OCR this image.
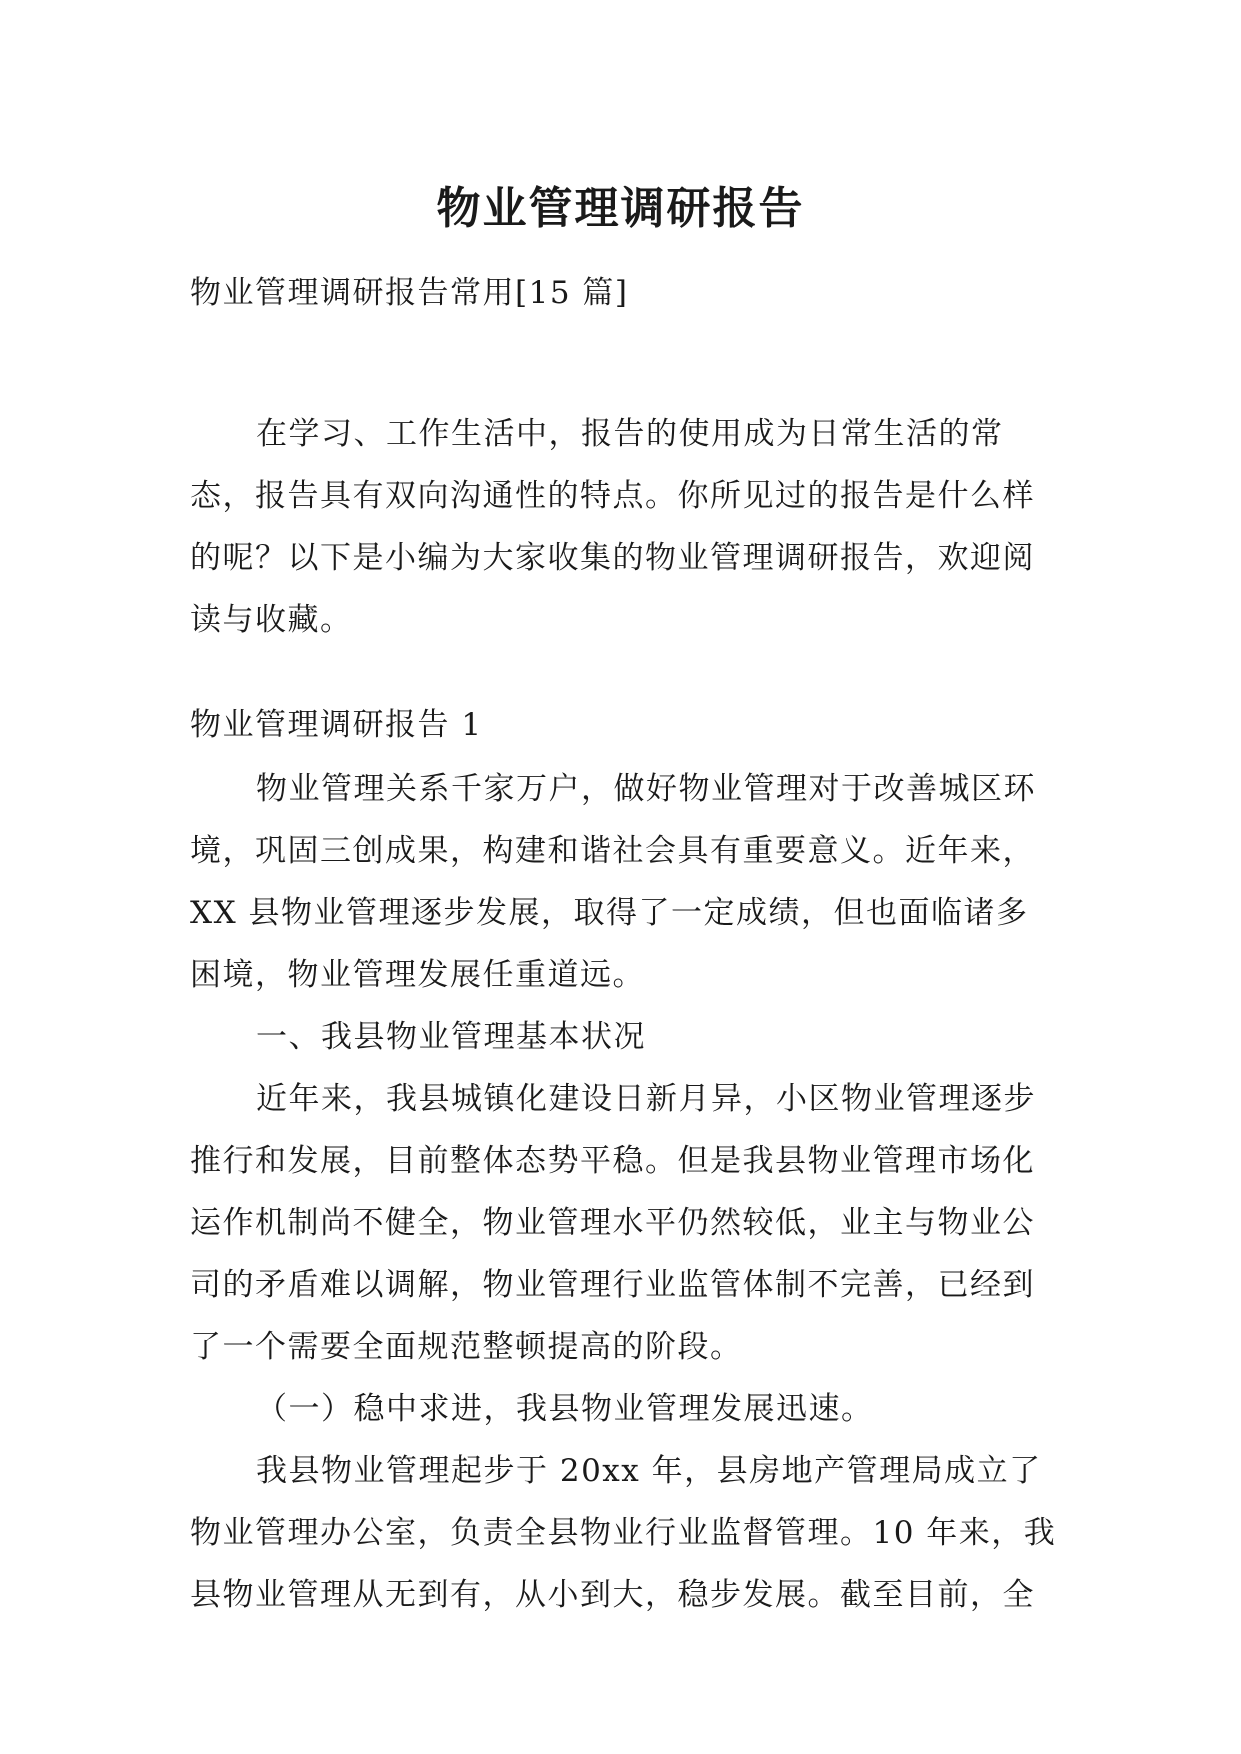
物业管理调研报告
物业管理调研报告常用[15 篇]

在学习、工作生活中，报告的使用成为日常生活的常态，报告具有双向沟通性的特点。你所见过的报告是什么样的呢？以下是小编为大家收集的物业管理调研报告，欢迎阅读与收藏。

物业管理调研报告 1

物业管理关系千家万户，做好物业管理对于改善城区环境，巩固三创成果，构建和谐社会具有重要意义。近年来，XX 县物业管理逐步发展，取得了一定成绩，但也面临诸多困境，物业管理发展任重道远。

一、我县物业管理基本状况

近年来，我县城镇化建设日新月异，小区物业管理逐步推行和发展，目前整体态势平稳。但是我县物业管理市场化运作机制尚不健全，物业管理水平仍然较低，业主与物业公司的矛盾难以调解，物业管理行业监管体制不完善，已经到了一个需要全面规范整顿提高的阶段。

（一）稳中求进，我县物业管理发展迅速。

我县物业管理起步于 20xx 年，县房地产管理局成立了物业管理办公室，负责全县物业行业监督管理。10 年来，我县物业管理从无到有，从小到大，稳步发展。截至目前，全
